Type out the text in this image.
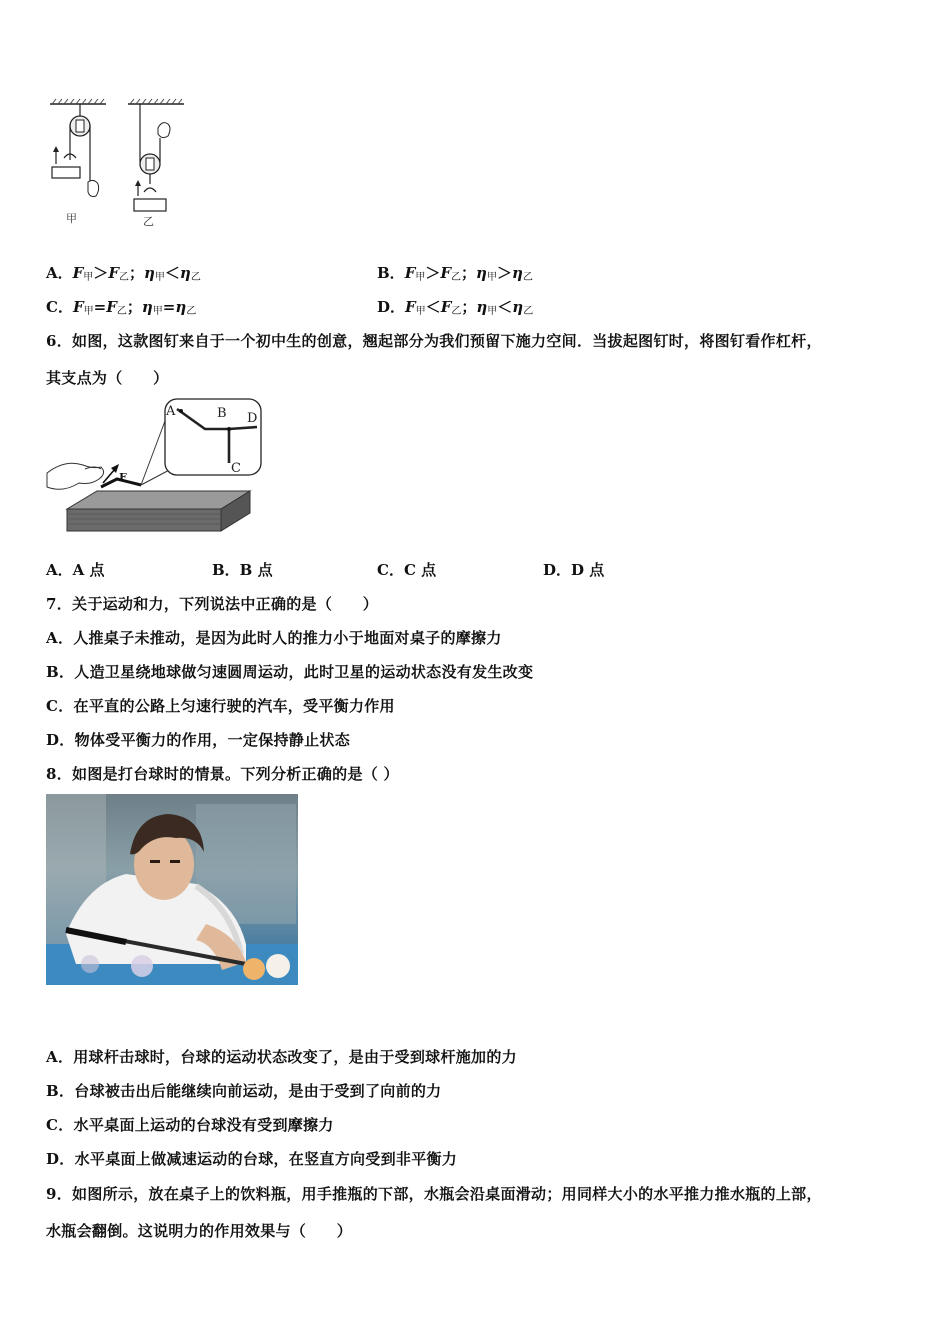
甲	乙
A．$F_甲>F_乙$；$\eta_甲<\eta_乙$	B．$F_甲>F_乙$；$\eta_甲>\eta_乙$
C．$F_甲=F_乙$；$\eta_甲=\eta_乙$	D．$F_甲<F_乙$；$\eta_甲<\eta_乙$
6．如图，这款图钉来自于一个初中生的创意，翘起部分为我们预留下施力空间．当拔起图钉时，将图钉看作杠杆，
其支点为（　　）
F
A	B D
C
A．A 点	B．B 点	C．C 点	D．D 点
7．关于运动和力，下列说法中正确的是（　　）
A．人推桌子未推动，是因为此时人的推力小于地面对桌子的摩擦力
B．人造卫星绕地球做匀速圆周运动，此时卫星的运动状态没有发生改变
C．在平直的公路上匀速行驶的汽车，受平衡力作用
D．物体受平衡力的作用，一定保持静止状态
8．如图是打台球时的情景。下列分析正确的是（ ）
A．用球杆击球时，台球的运动状态改变了，是由于受到球杆施加的力
B．台球被击出后能继续向前运动，是由于受到了向前的力
C．水平桌面上运动的台球没有受到摩擦力
D．水平桌面上做减速运动的台球，在竖直方向受到非平衡力
9．如图所示，放在桌子上的饮料瓶，用手推瓶的下部，水瓶会沿桌面滑动；用同样大小的水平推力推水瓶的上部，
水瓶会翻倒。这说明力的作用效果与（　　）
